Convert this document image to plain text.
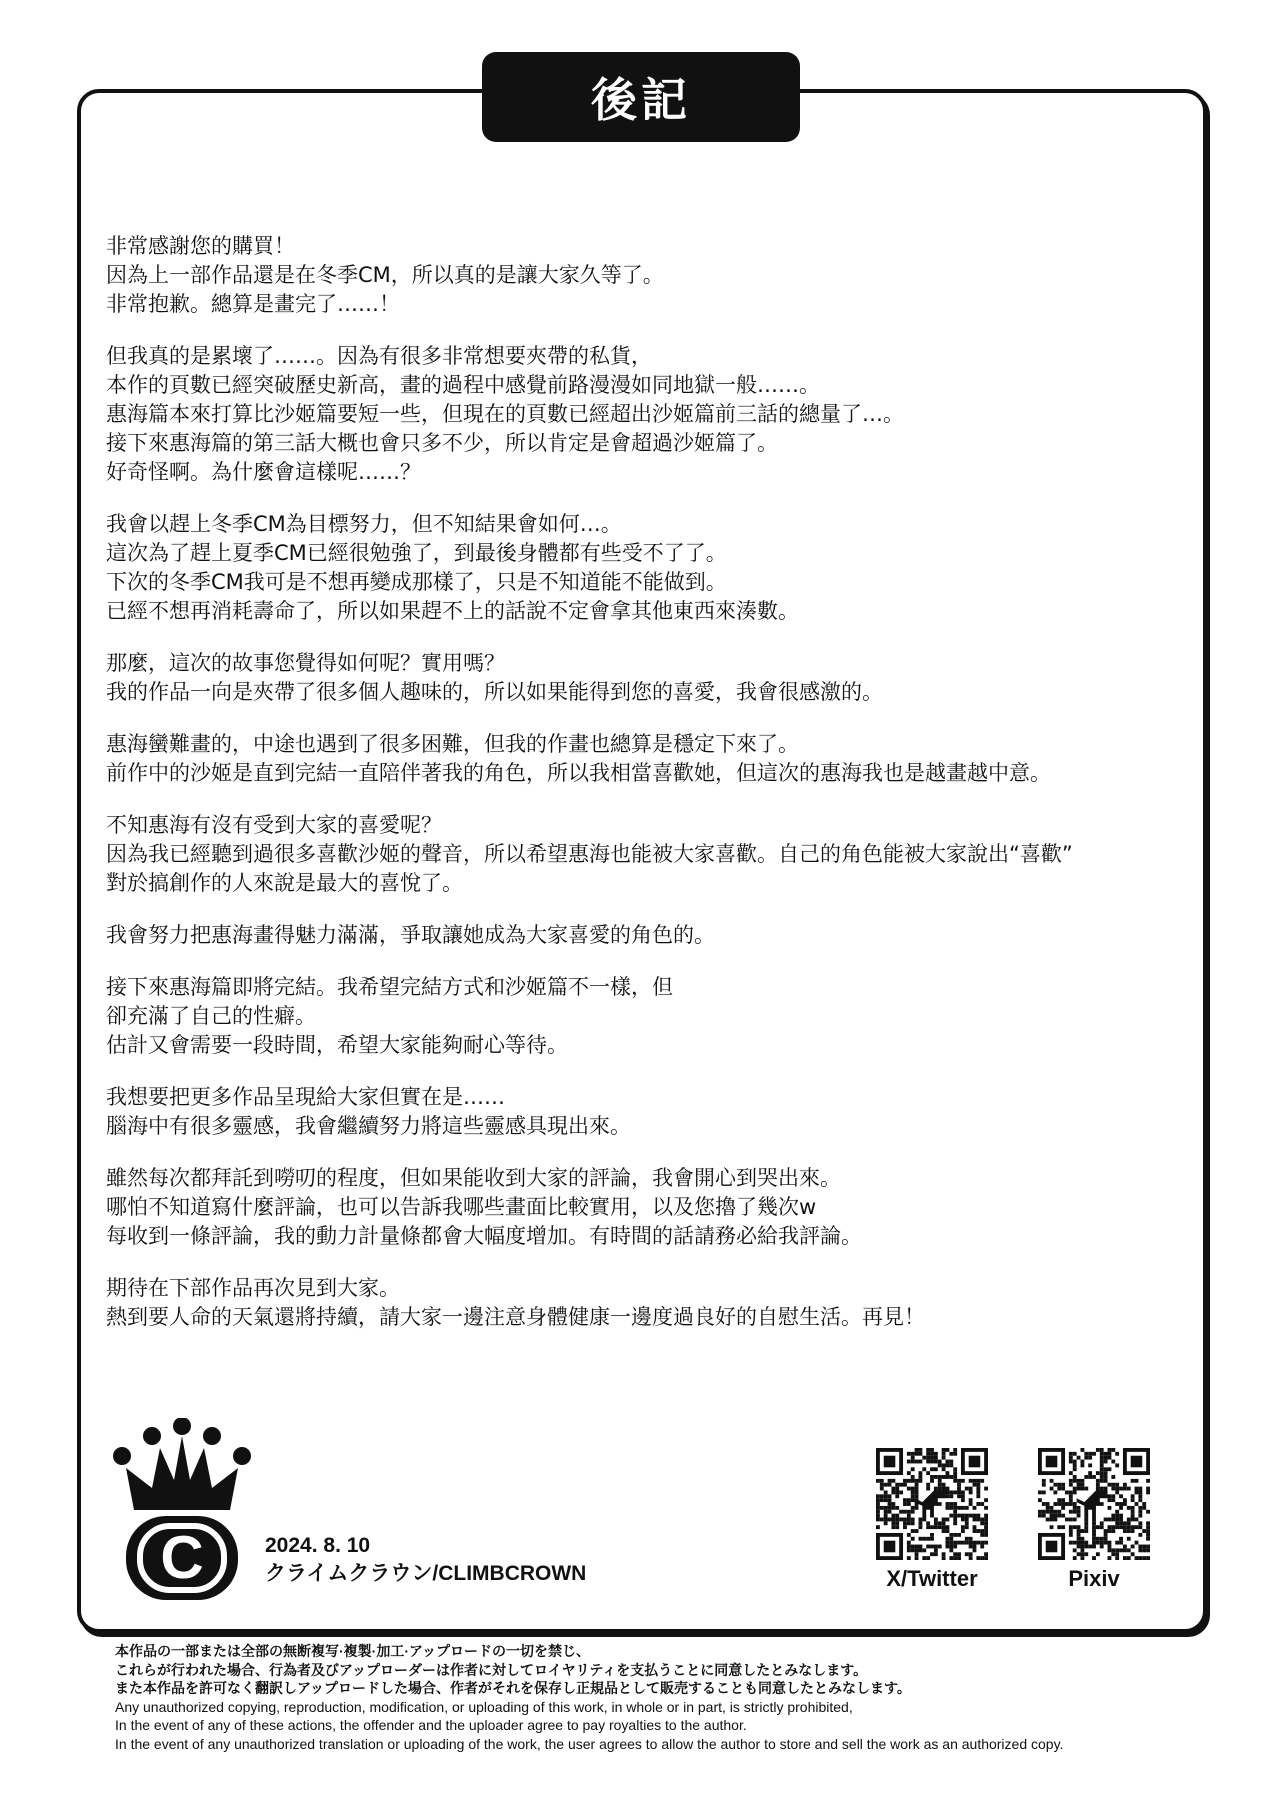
後記
非常感謝您的購買！
因為上一部作品還是在冬季CM，所以真的是讓大家久等了。
非常抱歉。總算是畫完了……！
但我真的是累壞了……。因為有很多非常想要夾帶的私貨，
本作的頁數已經突破歷史新高，畫的過程中感覺前路漫漫如同地獄一般……。
惠海篇本來打算比沙姬篇要短一些，但現在的頁數已經超出沙姬篇前三話的總量了…。
接下來惠海篇的第三話大概也會只多不少，所以肯定是會超過沙姬篇了。
好奇怪啊。為什麼會這樣呢……？
我會以趕上冬季CM為目標努力，但不知結果會如何…。
這次為了趕上夏季CM已經很勉強了，到最後身體都有些受不了了。
下次的冬季CM我可是不想再變成那樣了，只是不知道能不能做到。
已經不想再消耗壽命了，所以如果趕不上的話說不定會拿其他東西來湊數。
那麼，這次的故事您覺得如何呢？實用嗎？
我的作品一向是夾帶了很多個人趣味的，所以如果能得到您的喜愛，我會很感激的。
惠海蠻難畫的，中途也遇到了很多困難，但我的作畫也總算是穩定下來了。
前作中的沙姬是直到完結一直陪伴著我的角色，所以我相當喜歡她，但這次的惠海我也是越畫越中意。
不知惠海有沒有受到大家的喜愛呢？
因為我已經聽到過很多喜歡沙姬的聲音，所以希望惠海也能被大家喜歡。自己的角色能被大家說出“喜歡”
對於搞創作的人來說是最大的喜悅了。
我會努力把惠海畫得魅力滿滿，爭取讓她成為大家喜愛的角色的。
接下來惠海篇即將完結。我希望完結方式和沙姬篇不一樣，但
卻充滿了自己的性癖。
估計又會需要一段時間，希望大家能夠耐心等待。
我想要把更多作品呈現給大家但實在是……
腦海中有很多靈感，我會繼續努力將這些靈感具現出來。
雖然每次都拜託到嘮叨的程度，但如果能收到大家的評論，我會開心到哭出來。
哪怕不知道寫什麼評論，也可以告訴我哪些畫面比較實用，以及您擼了幾次w
每收到一條評論，我的動力計量條都會大幅度增加。有時間的話請務必給我評論。
期待在下部作品再次見到大家。
熱到要人命的天氣還將持續，請大家一邊注意身體健康一邊度過良好的自慰生活。再見！
C	2024. 8. 10
クライムクラウン/CLIMBCROWN	X/Twitter	Pixiv
本作品の一部または全部の無断複写·複製·加工·アップロードの一切を禁じ、
これらが行われた場合、行為者及びアップローダーは作者に対してロイヤリティを支払うことに同意したとみなします。
また本作品を許可なく翻訳しアップロードした場合、作者がそれを保存し正規品として販売することも同意したとみなします。
Any unauthorized copying, reproduction, modification, or uploading of this work, in whole or in part, is strictly prohibited,
In the event of any of these actions, the offender and the uploader agree to pay royalties to the author.
In the event of any unauthorized translation or uploading of the work, the user agrees to allow the author to store and sell the work as an authorized copy.
